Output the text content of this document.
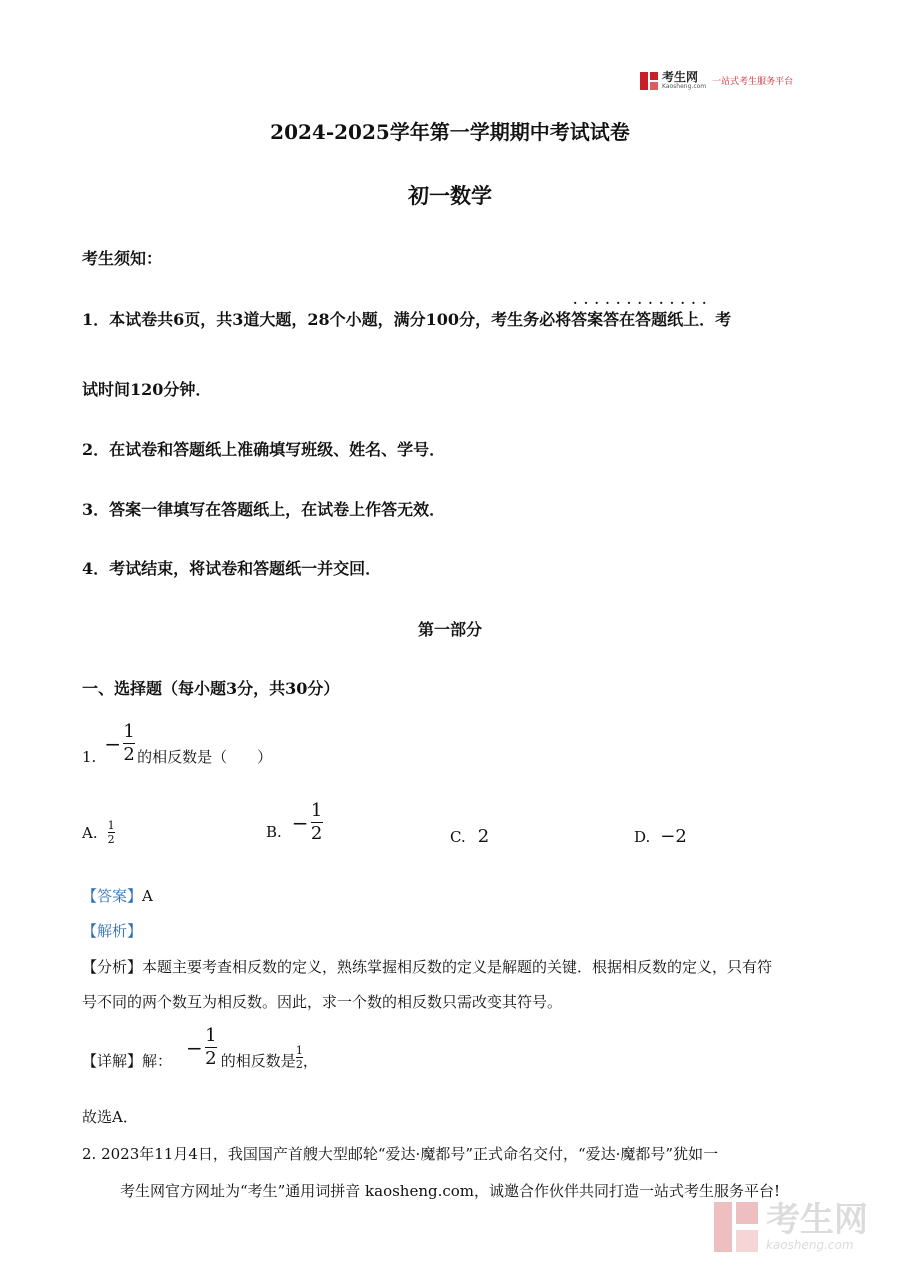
考生网
Kaosheng.com 一站式考生服务平台
2024-2025学年第一学期期中考试试卷
初一数学
考生须知：
1．本试卷共6页，共3道大题，28个小题，满分100分，考生务必将· · · 答案答在答题纸上．考
试时间120分钟．
2．在试卷和答题纸上准确填写班级、姓名、学号．
3．答案一律填写在答题纸上，在试卷上作答无效．
4．考试结束，将试卷和答题纸一并交回．
第一部分
一、选择题（每小题3分，共30分）
1.
− $\frac{1}{2}$ 的相反数是（　　）
A. $\frac{1}{2}$	B. − $\frac{1}{2}$	C. 2	D. −2
【答案】A
【解析】
【分析】本题主要考查相反数的定义，熟练掌握相反数的定义是解题的关键．根据相反数的定义，只有符
号不同的两个数互为相反数。因此，求一个数的相反数只需改变其符号。
【详解】 解：
− $\frac{1}{2}$ 的相反数是 $\frac{1}{2}$ ，
故选A．
2. 2023年11月4日，我国国产首艘大型邮轮“爱达·魔都号”正式命名交付，“爱达·魔都号”犹如一
考生网官方网址为“考生”通用词拼音 kaosheng.com，诚邀合作伙伴共同打造一站式考生服务平台!
考生网
kaosheng.com
